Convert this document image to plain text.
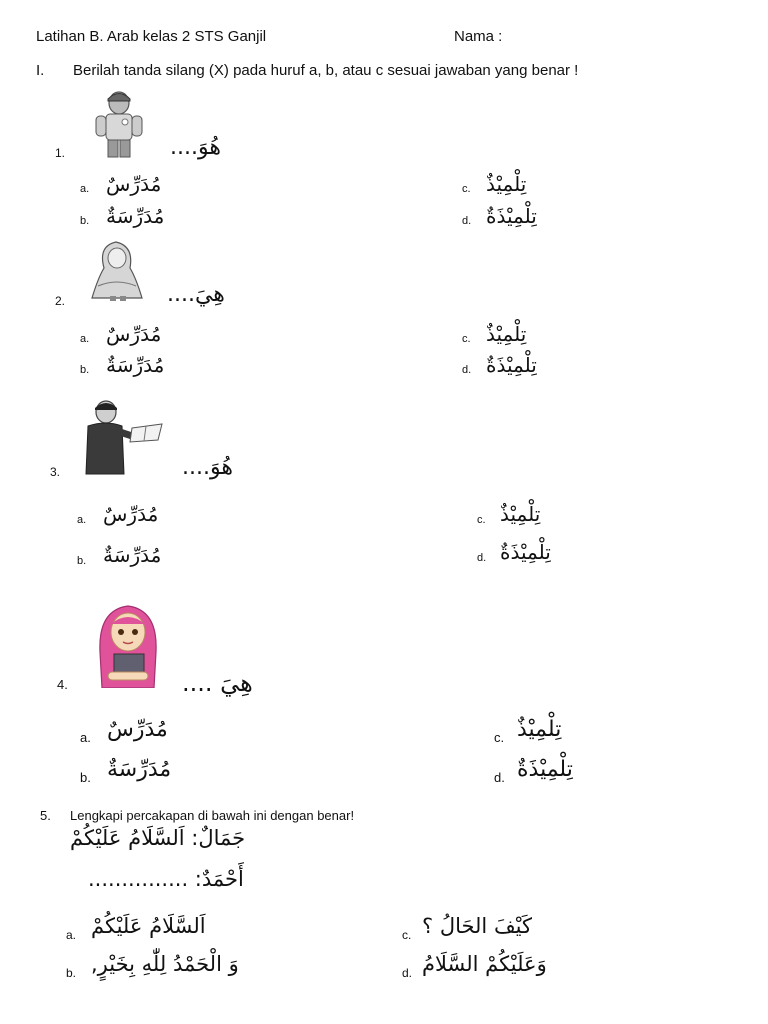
Latihan B. Arab kelas 2 STS Ganjil	Nama :
I. Berilah tanda silang (X) pada huruf a, b, atau c sesuai jawaban yang benar !
1.	هُوَ....
a. مُدَرِّسٌ
b. مُدَرِّسَةٌ
c. تِلْمِيْذٌ
d. تِلْمِيْذَةٌ
2.	هِيَ....
a. مُدَرِّسٌ
b. مُدَرِّسَةٌ
c. تِلْمِيْذٌ
d. تِلْمِيْذَةٌ
3.	هُوَ....
a. مُدَرِّسٌ
b. مُدَرِّسَةٌ
c. تِلْمِيْذٌ
d. تِلْمِيْذَةٌ
4.	هِيَ ....
a. مُدَرِّسٌ
b. مُدَرِّسَةٌ
c. تِلْمِيْذٌ
d. تِلْمِيْذَةٌ
5. Lengkapi percakapan di bawah ini dengan benar!
جَمَالٌ: اَلسَّلَامُ عَلَيْكُمْ
أَحْمَدٌ: ...............
a. اَلسَّلَامُ عَلَيْكُمْ
b. وَ الْحَمْدُ لِلّٰهِ بِخَيْرٍ,
c. كَيْفَ الحَالُ ؟
d. وَعَلَيْكُمْ السَّلَامُ
